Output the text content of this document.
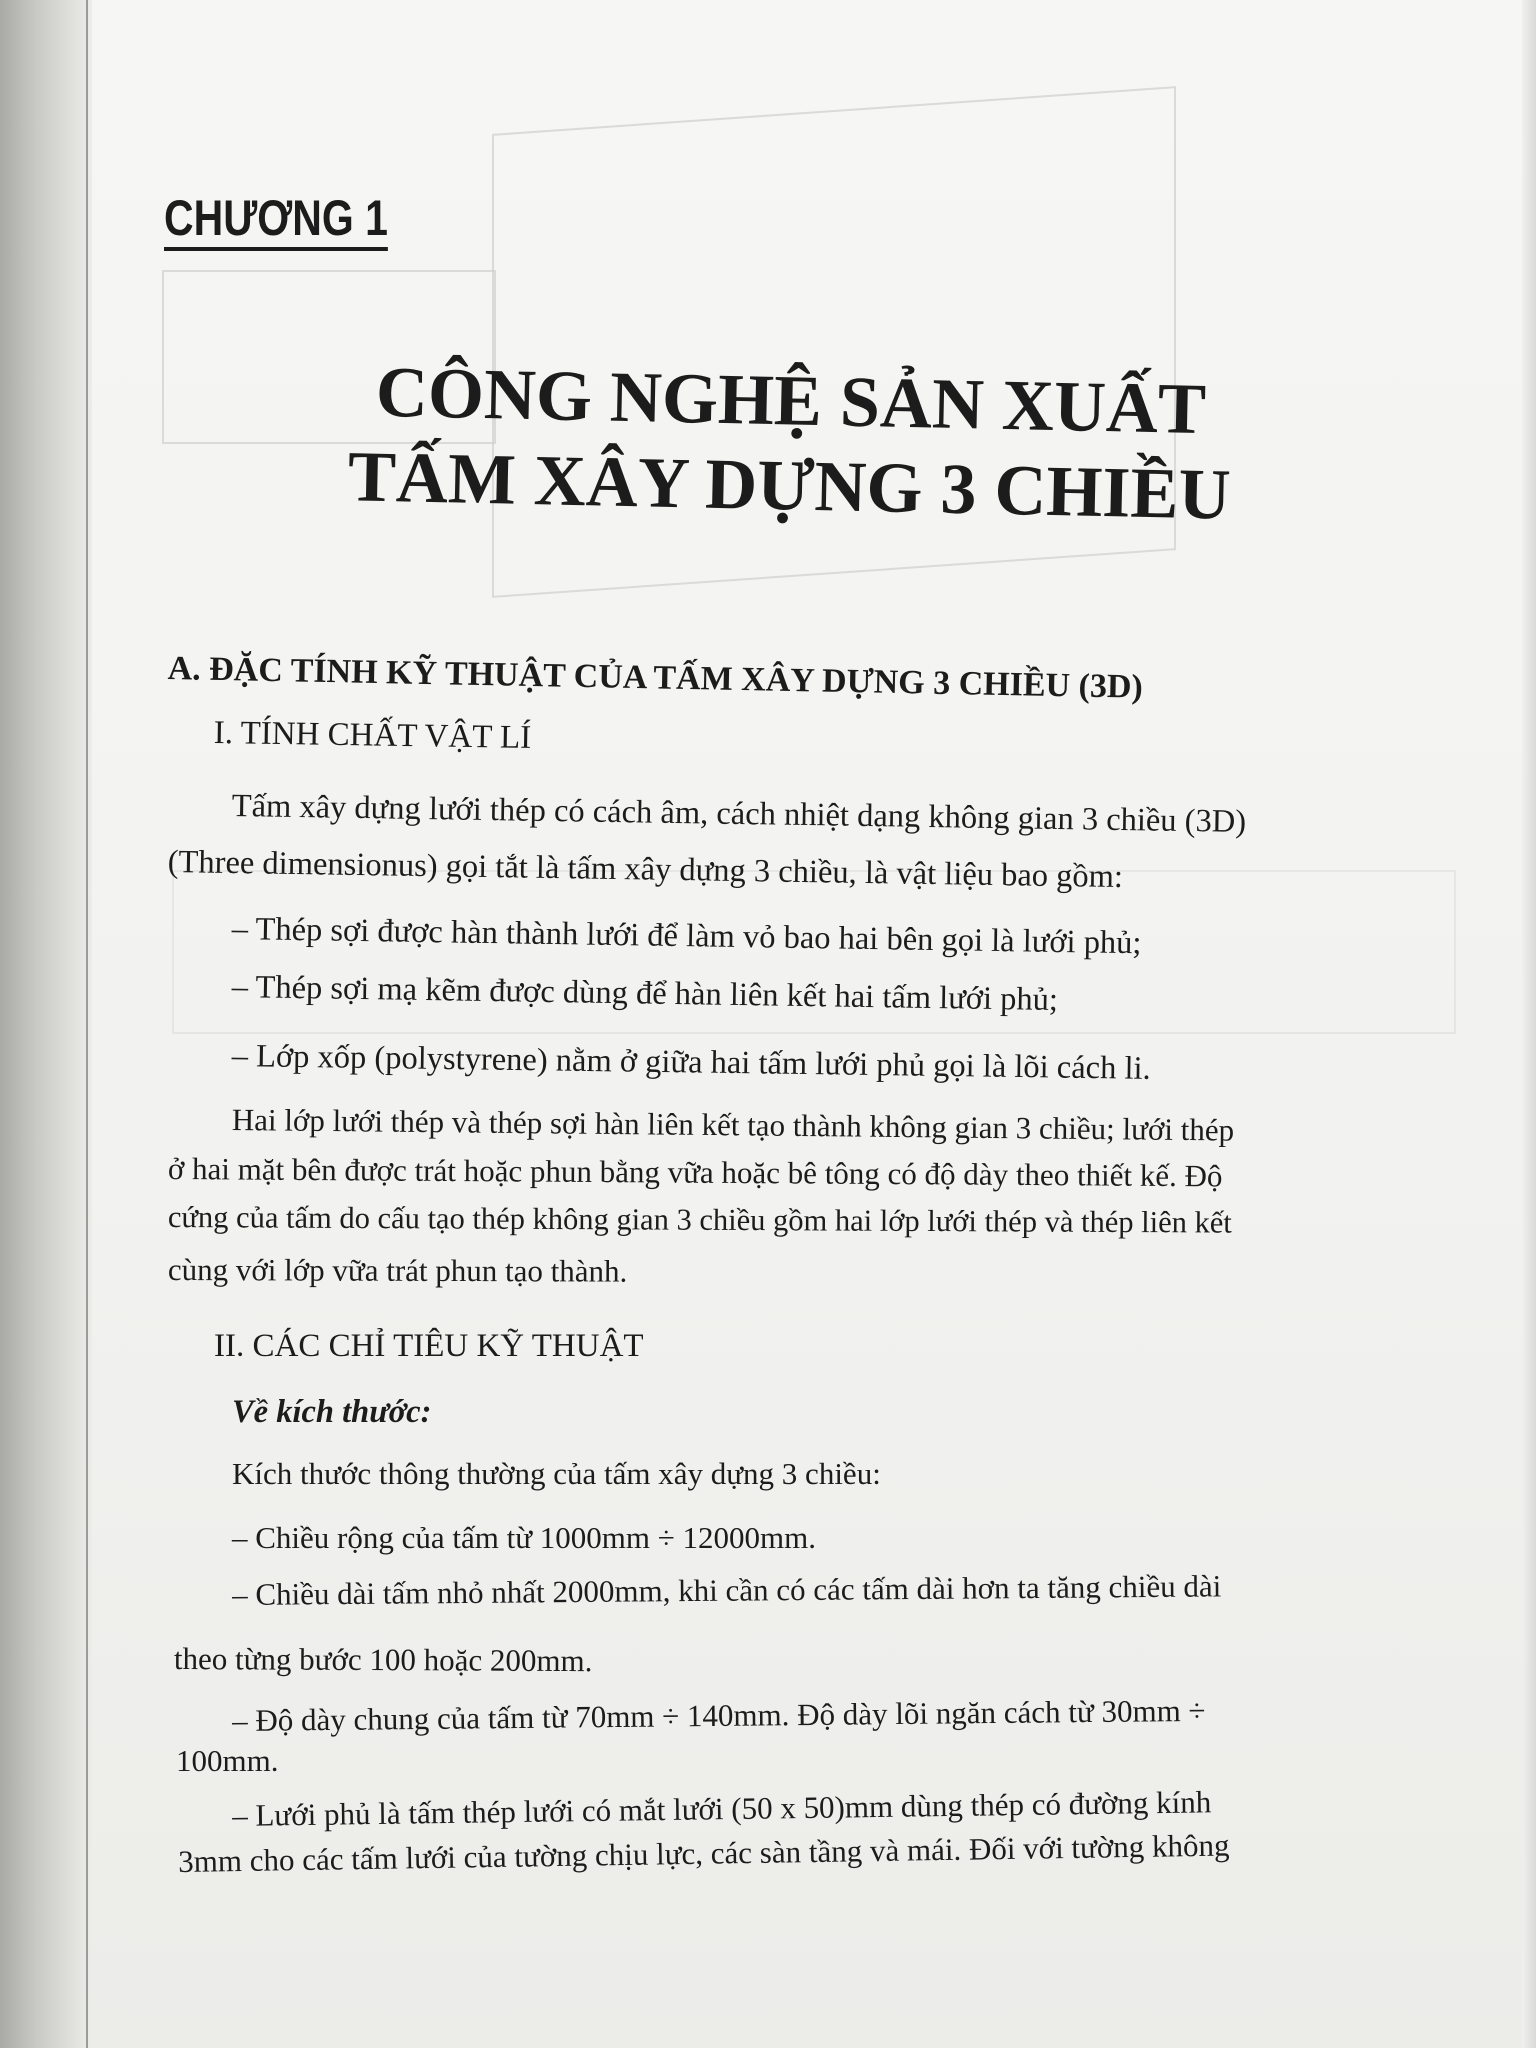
CHƯƠNG 1
CÔNG NGHỆ SẢN XUẤT
TẤM XÂY DỰNG 3 CHIỀU
A. ĐẶC TÍNH KỸ THUẬT CỦA TẤM XÂY DỰNG 3 CHIỀU (3D)
I. TÍNH CHẤT VẬT LÍ
Tấm xây dựng lưới thép có cách âm, cách nhiệt dạng không gian 3 chiều (3D)
(Three dimensionus) gọi tắt là tấm xây dựng 3 chiều, là vật liệu bao gồm:
– Thép sợi được hàn thành lưới để làm vỏ bao hai bên gọi là lưới phủ;
– Thép sợi mạ kẽm được dùng để hàn liên kết hai tấm lưới phủ;
– Lớp xốp (polystyrene) nằm ở giữa hai tấm lưới phủ gọi là lõi cách li.
Hai lớp lưới thép và thép sợi hàn liên kết tạo thành không gian 3 chiều; lưới thép
ở hai mặt bên được trát hoặc phun bằng vữa hoặc bê tông có độ dày theo thiết kế. Độ
cứng của tấm do cấu tạo thép không gian 3 chiều gồm hai lớp lưới thép và thép liên kết
cùng với lớp vữa trát phun tạo thành.
II. CÁC CHỈ TIÊU KỸ THUẬT
Về kích thước:
Kích thước thông thường của tấm xây dựng 3 chiều:
– Chiều rộng của tấm từ 1000mm ÷ 12000mm.
– Chiều dài tấm nhỏ nhất 2000mm, khi cần có các tấm dài hơn ta tăng chiều dài
theo từng bước 100 hoặc 200mm.
– Độ dày chung của tấm từ 70mm ÷ 140mm. Độ dày lõi ngăn cách từ 30mm ÷
100mm.
– Lưới phủ là tấm thép lưới có mắt lưới (50 x 50)mm dùng thép có đường kính
3mm cho các tấm lưới của tường chịu lực, các sàn tầng và mái. Đối với tường không
